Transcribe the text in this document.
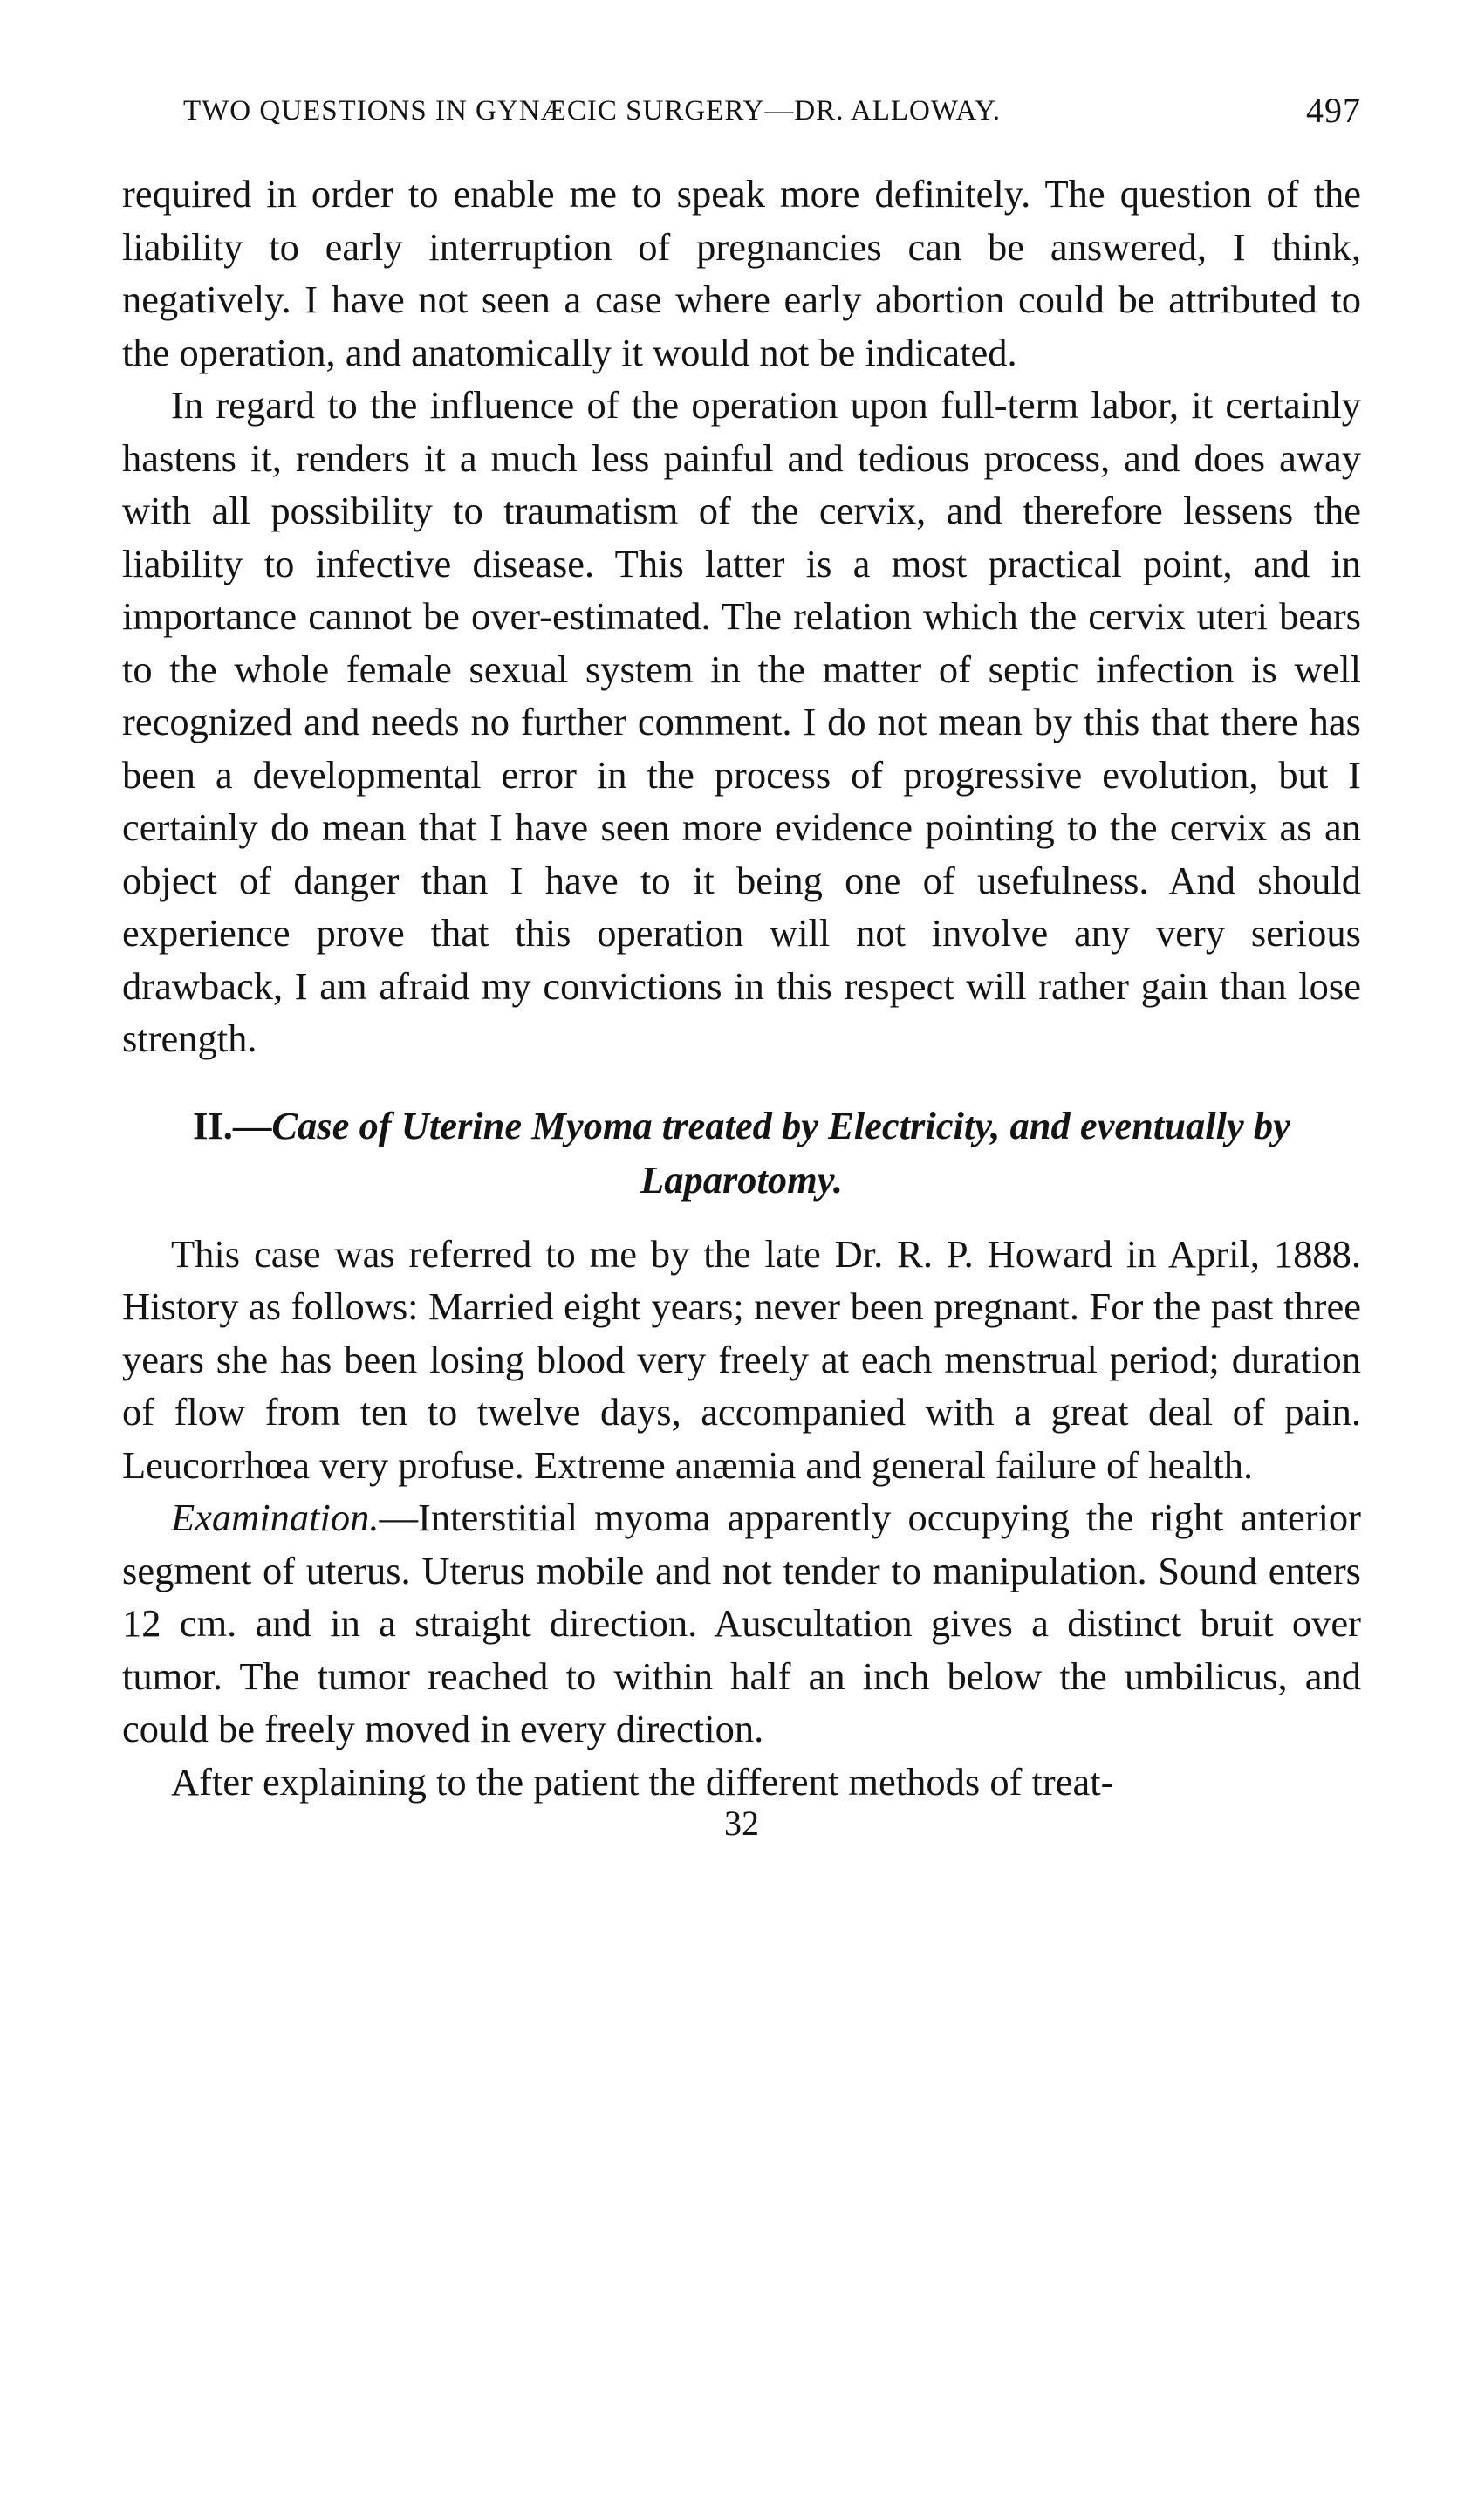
TWO QUESTIONS IN GYNÆCIC SURGERY—DR. ALLOWAY.	497

required in order to enable me to speak more definitely. The question of the liability to early interruption of pregnancies can be answered, I think, negatively. I have not seen a case where early abortion could be attributed to the operation, and anatomically it would not be indicated.

In regard to the influence of the operation upon full-term labor, it certainly hastens it, renders it a much less painful and tedious process, and does away with all possibility to traumatism of the cervix, and therefore lessens the liability to infective disease. This latter is a most practical point, and in importance cannot be over-estimated. The relation which the cervix uteri bears to the whole female sexual system in the matter of septic infection is well recognized and needs no further comment. I do not mean by this that there has been a developmental error in the process of progressive evolution, but I certainly do mean that I have seen more evidence pointing to the cervix as an object of danger than I have to it being one of usefulness. And should experience prove that this operation will not involve any very serious drawback, I am afraid my convictions in this respect will rather gain than lose strength.

II.—Case of Uterine Myoma treated by Electricity, and eventually by Laparotomy.

This case was referred to me by the late Dr. R. P. Howard in April, 1888. History as follows: Married eight years; never been pregnant. For the past three years she has been losing blood very freely at each menstrual period; duration of flow from ten to twelve days, accompanied with a great deal of pain. Leucorrhœa very profuse. Extreme anæmia and general failure of health.

Examination.—Interstitial myoma apparently occupying the right anterior segment of uterus. Uterus mobile and not tender to manipulation. Sound enters 12 cm. and in a straight direction. Auscultation gives a distinct bruit over tumor. The tumor reached to within half an inch below the umbilicus, and could be freely moved in every direction.

After explaining to the patient the different methods of treat-

32
